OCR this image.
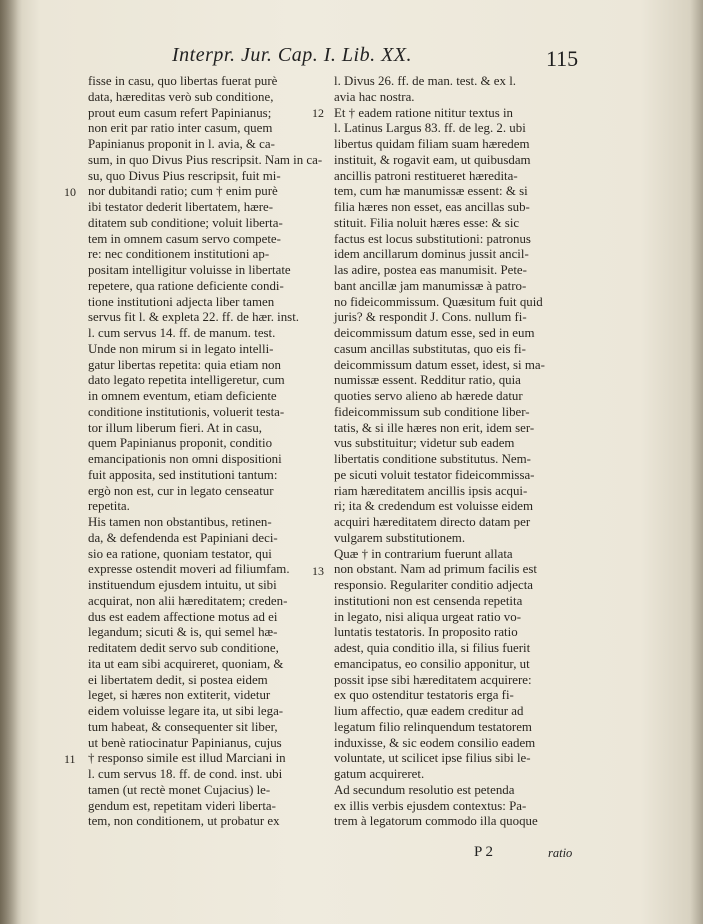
Interpr. Jur. Cap. I. Lib. XX.	115
fisse in casu, quo libertas fuerat purè
data, hæreditas verò sub conditione,
prout eum casum refert Papinianus;
non erit par ratio inter casum, quem
Papinianus proponit in l. avia, & ca-
sum, in quo Divus Pius rescripsit. Nam in ca-
su, quo Divus Pius rescripsit, fuit mi-
nor dubitandi ratio; cum † enim purè
ibi testator dederit libertatem, hære-
ditatem sub conditione; voluit liberta-
tem in omnem casum servo compete-
re: nec conditionem institutioni ap-
positam intelligitur voluisse in libertate
repetere, qua ratione deficiente condi-
tione institutioni adjecta liber tamen
servus fit l. & expleta 22. ff. de hær. inst.
l. cum servus 14. ff. de manum. test.
Unde non mirum si in legato intelli-
gatur libertas repetita: quia etiam non
dato legato repetita intelligeretur, cum
in omnem eventum, etiam deficiente
conditione institutionis, voluerit testa-
tor illum liberum fieri. At in casu,
quem Papinianus proponit, conditio
emancipationis non omni dispositioni
fuit apposita, sed institutioni tantum:
ergò non est, cur in legato censeatur
repetita.
His tamen non obstantibus, retinen-
da, & defendenda est Papiniani deci-
sio ea ratione, quoniam testator, qui
expresse ostendit moveri ad filiumfam.
instituendum ejusdem intuitu, ut sibi
acquirat, non alii hæreditatem; creden-
dus est eadem affectione motus ad ei
legandum; sicuti & is, qui semel hæ-
reditatem dedit servo sub conditione,
ita ut eam sibi acquireret, quoniam, &
ei libertatem dedit, si postea eidem
leget, si hæres non extiterit, videtur
eidem voluisse legare ita, ut sibi lega-
tum habeat, & consequenter sit liber,
ut benè ratiocinatur Papinianus, cujus
† responso simile est illud Marciani in
l. cum servus 18. ff. de cond. inst. ubi
tamen (ut rectè monet Cujacius) le-
gendum est, repetitam videri liberta-
tem, non conditionem, ut probatur ex
l. Divus 26. ff. de man. test. & ex l.
avia hac nostra.
Et † eadem ratione nititur textus in
l. Latinus Largus 83. ff. de leg. 2. ubi
libertus quidam filiam suam hæredem
instituit, & rogavit eam, ut quibusdam
ancillis patroni restitueret hæredita-
tem, cum hæ manumissæ essent: & si
filia hæres non esset, eas ancillas sub-
stituit. Filia noluit hæres esse: & sic
factus est locus substitutioni: patronus
idem ancillarum dominus jussit ancil-
las adire, postea eas manumisit. Pete-
bant ancillæ jam manumissæ à patro-
no fideicommissum. Quæsitum fuit quid
juris? & respondit J. Cons. nullum fi-
deicommissum datum esse, sed in eum
casum ancillas substitutas, quo eis fi-
deicommissum datum esset, idest, si ma-
numissæ essent. Redditur ratio, quia
quoties servo alieno ab hærede datur
fideicommissum sub conditione liber-
tatis, & si ille hæres non erit, idem ser-
vus substituitur; videtur sub eadem
libertatis conditione substitutus. Nem-
pe sicuti voluit testator fideicommissa-
riam hæreditatem ancillis ipsis acqui-
ri; ita & credendum est voluisse eidem
acquiri hæreditatem directo datam per
vulgarem substitutionem.
Quæ † in contrarium fuerunt allata
non obstant. Nam ad primum facilis est
responsio. Regulariter conditio adjecta
institutioni non est censenda repetita
in legato, nisi aliqua urgeat ratio vo-
luntatis testatoris. In proposito ratio
adest, quia conditio illa, si filius fuerit
emancipatus, eo consilio apponitur, ut
possit ipse sibi hæreditatem acquirere:
ex quo ostenditur testatoris erga fi-
lium affectio, quæ eadem creditur ad
legatum filio relinquendum testatorem
induxisse, & sic eodem consilio eadem
voluntate, ut scilicet ipse filius sibi le-
gatum acquireret.
Ad secundum resolutio est petenda
ex illis verbis ejusdem contextus: Pa-
trem à legatorum commodo illa quoque
10
11
12
13
P 2	ratio
